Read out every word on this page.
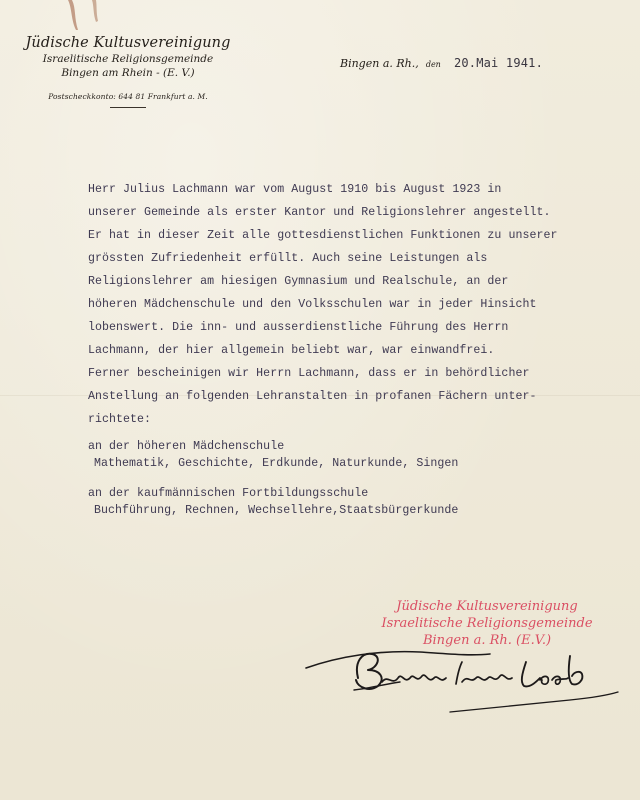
Jüdische Kultusvereinigung
Israelitische Religionsgemeinde
Bingen am Rhein - (E. V.)
Postscheckkonto: 644 81 Frankfurt a. M.
Bingen a. Rh., den 20.Mai 1941.

Herr Julius Lachmann war vom August 1910 bis August 1923 in

unserer Gemeinde als erster Kantor und Religionslehrer angestellt.

Er hat in dieser Zeit alle gottesdienstlichen Funktionen zu unserer

grössten Zufriedenheit erfüllt. Auch seine Leistungen als

Religionslehrer am hiesigen Gymnasium und Realschule, an der

höheren Mädchenschule und den Volksschulen war in jeder Hinsicht

lobenswert. Die inn- und ausserdienstliche Führung des Herrn

Lachmann, der hier allgemein beliebt war, war einwandfrei.

Ferner bescheinigen wir Herrn Lachmann, dass er in behördlicher

Anstellung an folgenden Lehranstalten in profanen Fächern unter-

richtete:

an der höheren Mädchenschule
Mathematik, Geschichte, Erdkunde, Naturkunde, Singen
an der kaufmännischen Fortbildungsschule
Buchführung, Rechnen, Wechsellehre,Staatsbürgerkunde
Jüdische Kultusvereinigung
Israelitische Religionsgemeinde
Bingen a. Rh. (E.V.)
